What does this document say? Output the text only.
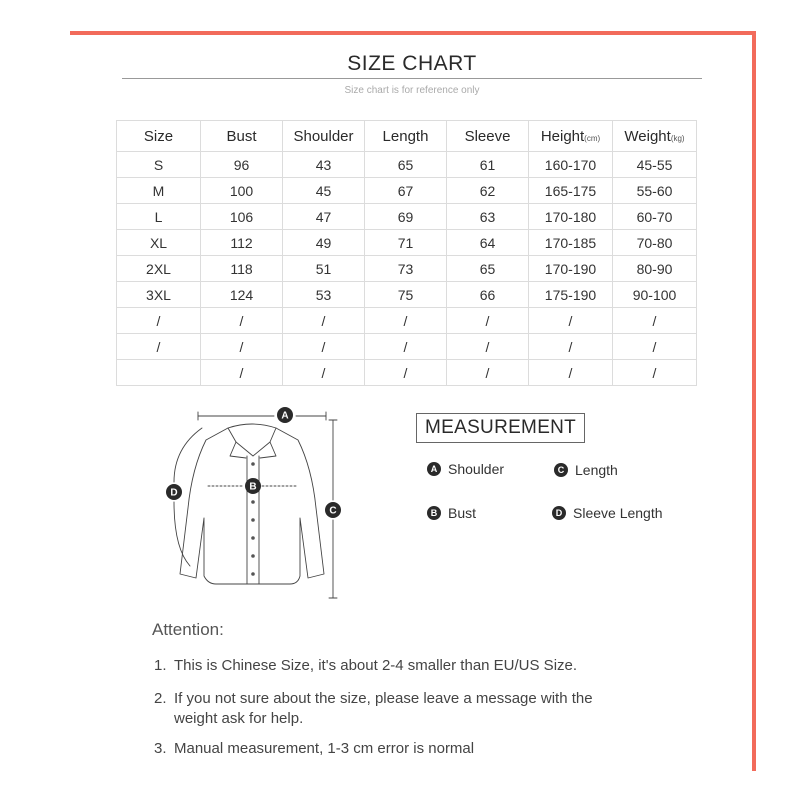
SIZE CHART
Size chart is for reference only
Size	Bust	Shoulder	Length	Sleeve	Height(cm)	Weight(kg)
S	96	43	65	61	160-170	45-55
M	100	45	67	62	165-175	55-60
L	106	47	69	63	170-180	60-70
XL	112	49	71	64	170-185	70-80
2XL	118	51	73	65	170-190	80-90
3XL	124	53	75	66	175-190	90-100
/	/	/	/	/	/	/
/	/	/	/	/	/	/
	/	/	/	/	/	/
A
B
C
D
MEASUREMENT
A Shoulder	C Length
B Bust	D Sleeve Length
Attention:
1. This is Chinese Size, it's about 2-4 smaller than EU/US Size.
2. If you not sure about the size, please leave a message with the
weight ask for help.
3. Manual measurement, 1-3 cm error is normal
